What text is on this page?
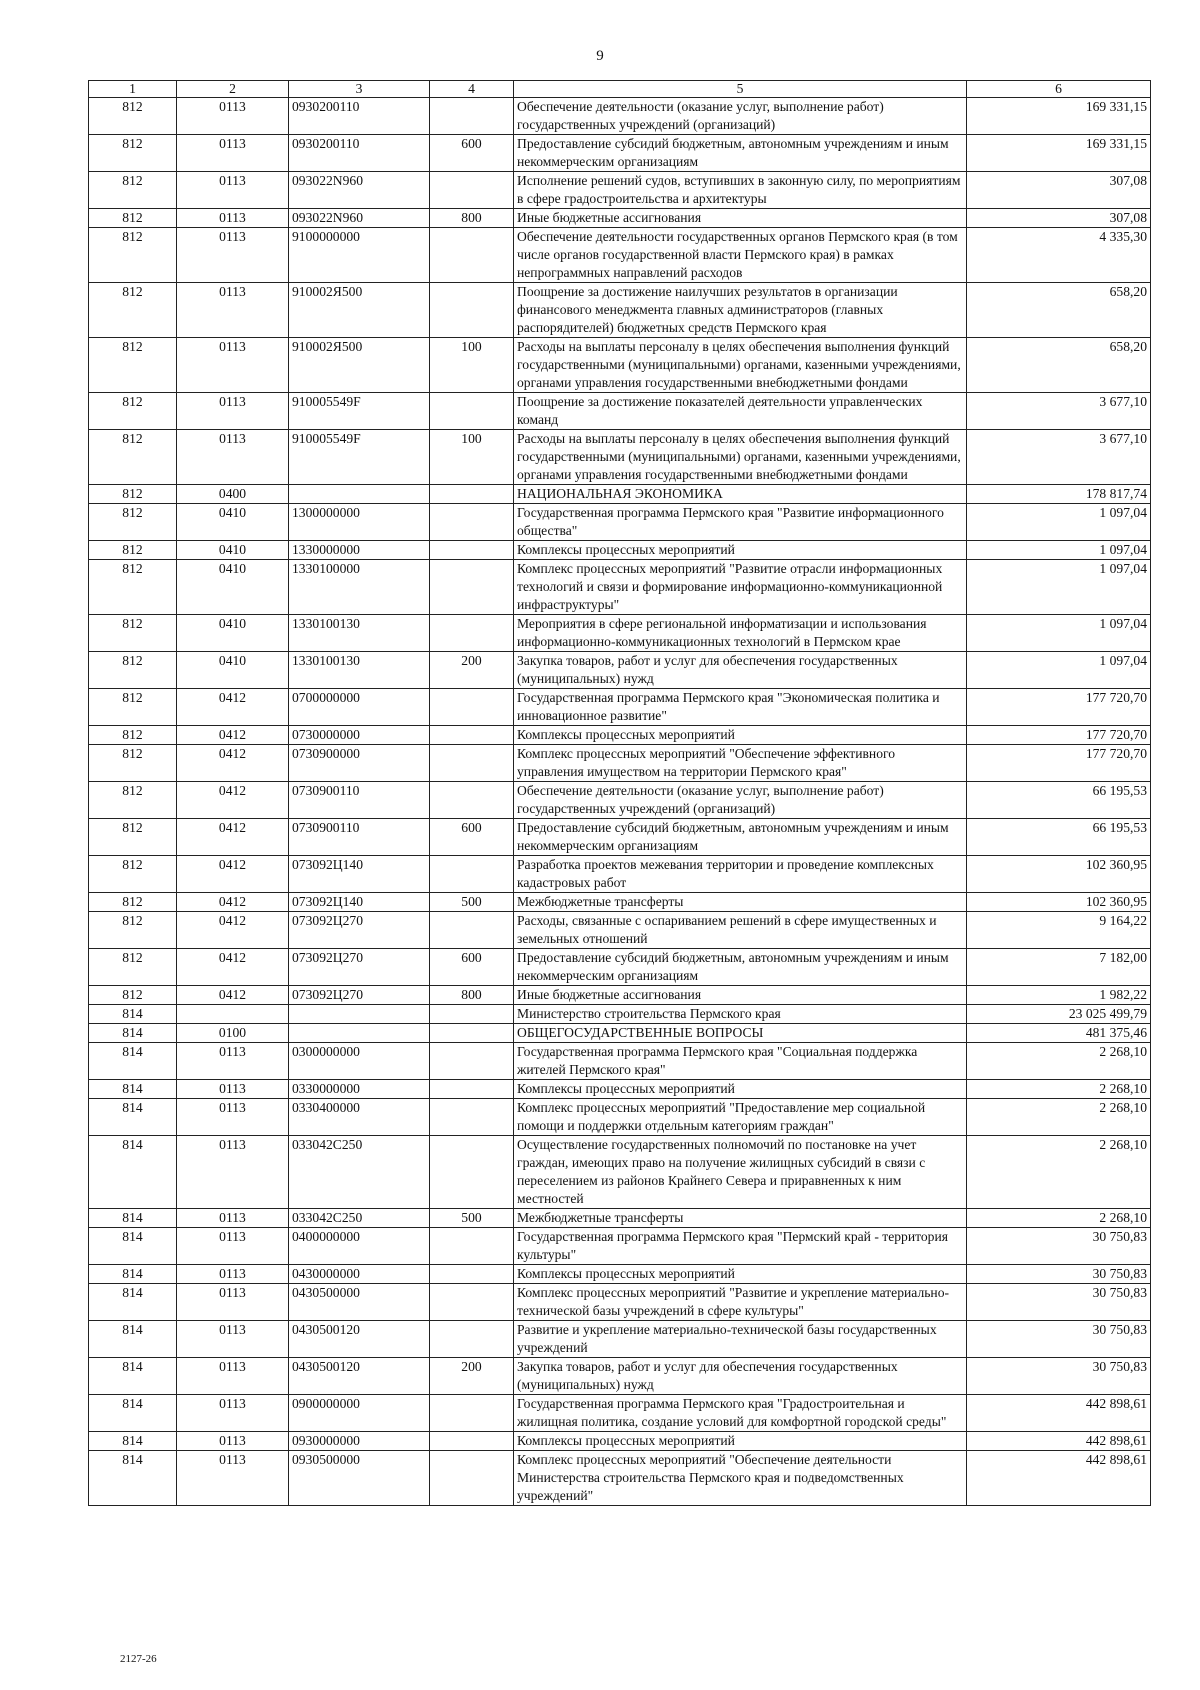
9
1	2	3	4	5	6
812	0113	0930200110		Обеспечение деятельности (оказание услуг, выполнение работ) государственных учреждений (организаций)	169 331,15
812	0113	0930200110	600	Предоставление субсидий бюджетным, автономным учреждениям и иным некоммерческим организациям	169 331,15
812	0113	093022N960		Исполнение решений судов, вступивших в законную силу, по мероприятиям в сфере градостроительства и архитектуры	307,08
812	0113	093022N960	800	Иные бюджетные ассигнования	307,08
812	0113	9100000000		Обеспечение деятельности государственных органов Пермского края (в том числе органов государственной власти Пермского края) в рамках непрограммных направлений расходов	4 335,30
812	0113	910002Я500		Поощрение за достижение наилучших результатов в организации финансового менеджмента главных администраторов (главных распорядителей) бюджетных средств Пермского края	658,20
812	0113	910002Я500	100	Расходы на выплаты персоналу в целях обеспечения выполнения функций государственными (муниципальными) органами, казенными учреждениями, органами управления государственными внебюджетными фондами	658,20
812	0113	910005549F		Поощрение за достижение показателей деятельности управленческих команд	3 677,10
812	0113	910005549F	100	Расходы на выплаты персоналу в целях обеспечения выполнения функций государственными (муниципальными) органами, казенными учреждениями, органами управления государственными внебюджетными фондами	3 677,10
812	0400			НАЦИОНАЛЬНАЯ ЭКОНОМИКА	178 817,74
812	0410	1300000000		Государственная программа Пермского края "Развитие информационного общества"	1 097,04
812	0410	1330000000		Комплексы процессных мероприятий	1 097,04
812	0410	1330100000		Комплекс процессных мероприятий "Развитие отрасли информационных технологий и связи и формирование информационно-коммуникационной инфраструктуры"	1 097,04
812	0410	1330100130		Мероприятия в сфере региональной информатизации и использования информационно-коммуникационных технологий в Пермском крае	1 097,04
812	0410	1330100130	200	Закупка товаров, работ и услуг для обеспечения государственных (муниципальных) нужд	1 097,04
812	0412	0700000000		Государственная программа Пермского края "Экономическая политика и инновационное развитие"	177 720,70
812	0412	0730000000		Комплексы процессных мероприятий	177 720,70
812	0412	0730900000		Комплекс процессных мероприятий "Обеспечение эффективного управления имуществом на территории Пермского края"	177 720,70
812	0412	0730900110		Обеспечение деятельности (оказание услуг, выполнение работ) государственных учреждений (организаций)	66 195,53
812	0412	0730900110	600	Предоставление субсидий бюджетным, автономным учреждениям и иным некоммерческим организациям	66 195,53
812	0412	073092Ц140		Разработка проектов межевания территории и проведение комплексных кадастровых работ	102 360,95
812	0412	073092Ц140	500	Межбюджетные трансферты	102 360,95
812	0412	073092Ц270		Расходы, связанные с оспариванием решений в сфере имущественных и земельных отношений	9 164,22
812	0412	073092Ц270	600	Предоставление субсидий бюджетным, автономным учреждениям и иным некоммерческим организациям	7 182,00
812	0412	073092Ц270	800	Иные бюджетные ассигнования	1 982,22
814				Министерство строительства Пермского края	23 025 499,79
814	0100			ОБЩЕГОСУДАРСТВЕННЫЕ ВОПРОСЫ	481 375,46
814	0113	0300000000		Государственная программа Пермского края "Социальная поддержка жителей Пермского края"	2 268,10
814	0113	0330000000		Комплексы процессных мероприятий	2 268,10
814	0113	0330400000		Комплекс процессных мероприятий "Предоставление мер социальной помощи и поддержки отдельным категориям граждан"	2 268,10
814	0113	033042С250		Осуществление государственных полномочий по постановке на учет граждан, имеющих право на получение жилищных субсидий в связи с переселением из районов Крайнего Севера и приравненных к ним местностей	2 268,10
814	0113	033042С250	500	Межбюджетные трансферты	2 268,10
814	0113	0400000000		Государственная программа Пермского края "Пермский край - территория культуры"	30 750,83
814	0113	0430000000		Комплексы процессных мероприятий	30 750,83
814	0113	0430500000		Комплекс процессных мероприятий "Развитие и укрепление материально-технической базы учреждений в сфере культуры"	30 750,83
814	0113	0430500120		Развитие и укрепление материально-технической базы государственных учреждений	30 750,83
814	0113	0430500120	200	Закупка товаров, работ и услуг для обеспечения государственных (муниципальных) нужд	30 750,83
814	0113	0900000000		Государственная программа Пермского края "Градостроительная и жилищная политика, создание условий для комфортной городской среды"	442 898,61
814	0113	0930000000		Комплексы процессных мероприятий	442 898,61
814	0113	0930500000		Комплекс процессных мероприятий "Обеспечение деятельности Министерства строительства Пермского края и подведомственных учреждений"	442 898,61
2127-26
